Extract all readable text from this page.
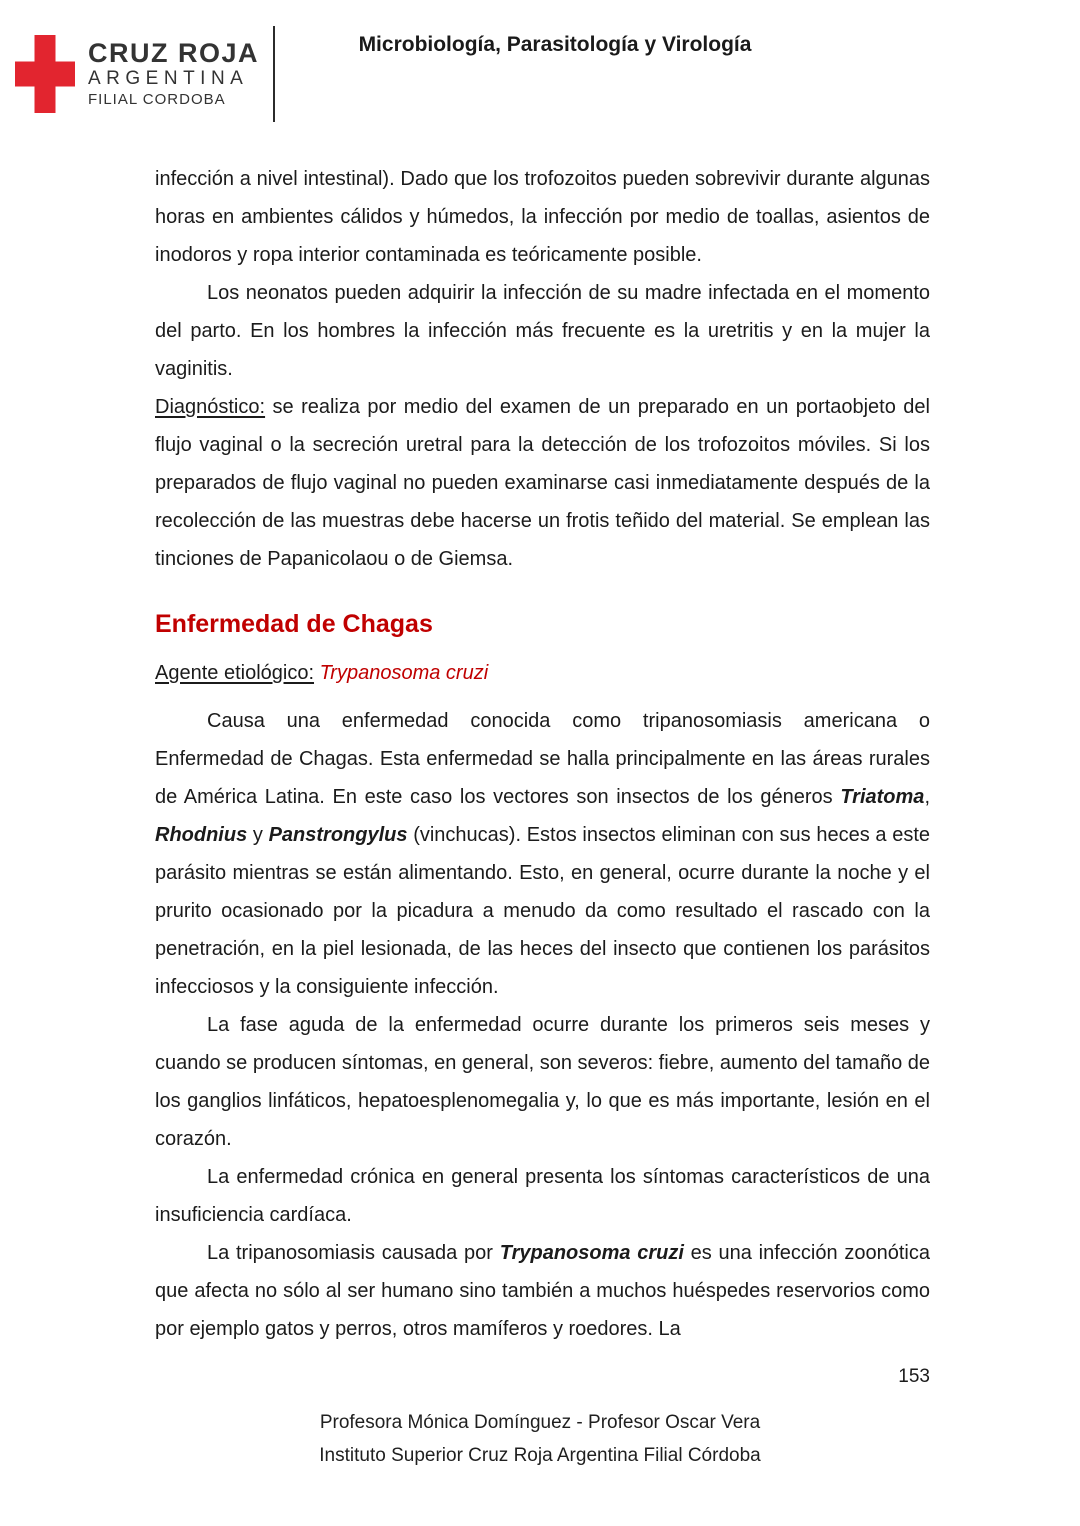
CRUZ ROJA
ARGENTINA
FILIAL CORDOBA
Microbiología, Parasitología y Virología

infección a nivel intestinal). Dado que los trofozoitos pueden sobrevivir durante algunas horas en ambientes cálidos y húmedos, la infección por medio de toallas, asientos de inodoros y ropa interior contaminada es teóricamente posible.

Los neonatos pueden adquirir la infección de su madre infectada en el momento del parto. En los hombres la infección más frecuente es la uretritis y en la mujer la vaginitis.

Diagnóstico: se realiza por medio del examen de un preparado en un portaobjeto del flujo vaginal o la secreción uretral para la detección de los trofozoitos móviles. Si los preparados de flujo vaginal no pueden examinarse casi inmediatamente después de la recolección de las muestras debe hacerse un frotis teñido del material. Se emplean las tinciones de Papanicolaou o de Giemsa.

Enfermedad de Chagas

Agente etiológico: Trypanosoma cruzi

Causa una enfermedad conocida como tripanosomiasis americana o Enfermedad de Chagas. Esta enfermedad se halla principalmente en las áreas rurales de América Latina. En este caso los vectores son insectos de los géneros Triatoma, Rhodnius y Panstrongylus (vinchucas). Estos insectos eliminan con sus heces a este parásito mientras se están alimentando. Esto, en general, ocurre durante la noche y el prurito ocasionado por la picadura a menudo da como resultado el rascado con la penetración, en la piel lesionada, de las heces del insecto que contienen los parásitos infecciosos y la consiguiente infección.

La fase aguda de la enfermedad ocurre durante los primeros seis meses y cuando se producen síntomas, en general, son severos: fiebre, aumento del tamaño de los ganglios linfáticos, hepatoesplenomegalia y, lo que es más importante, lesión en el corazón.

La enfermedad crónica en general presenta los síntomas característicos de una insuficiencia cardíaca.

La tripanosomiasis causada por Trypanosoma cruzi es una infección zoonótica que afecta no sólo al ser humano sino también a muchos huéspedes reservorios como por ejemplo gatos y perros, otros mamíferos y roedores. La

153
Profesora Mónica Domínguez - Profesor Oscar Vera
Instituto Superior Cruz Roja Argentina Filial Córdoba
